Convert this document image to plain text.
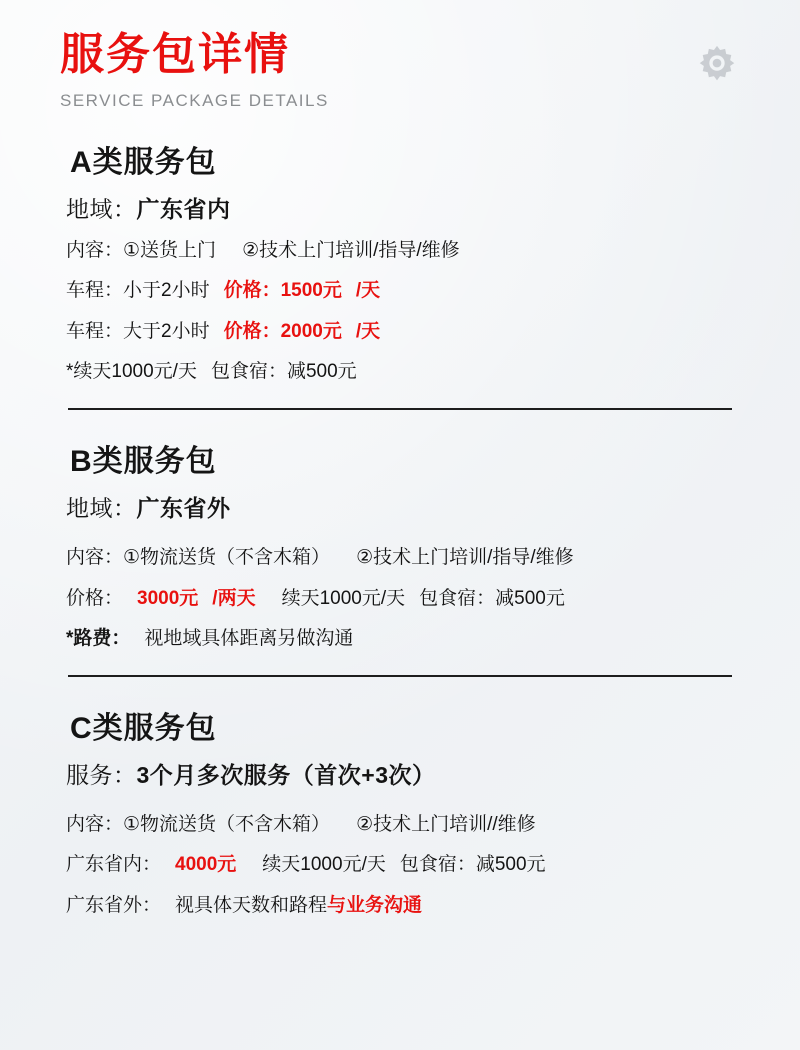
服务包详情
SERVICE PACKAGE DETAILS
A类服务包
地域：广东省内
内容：①送货上门 ②技术上门培训/指导/维修
车程：小于2小时 价格：1500元 /天
车程：大于2小时 价格：2000元 /天
*续天1000元/天 包食宿：减500元
B类服务包
地域：广东省外
内容：①物流送货（不含木箱） ②技术上门培训/指导/维修
价格： 3000元 /两天 续天1000元/天 包食宿：减500元
*路费： 视地域具体距离另做沟通
C类服务包
服务：3个月多次服务（首次+3次）
内容：①物流送货（不含木箱） ②技术上门培训//维修
广东省内： 4000元 续天1000元/天 包食宿：减500元
广东省外： 视具体天数和路程与业务沟通
